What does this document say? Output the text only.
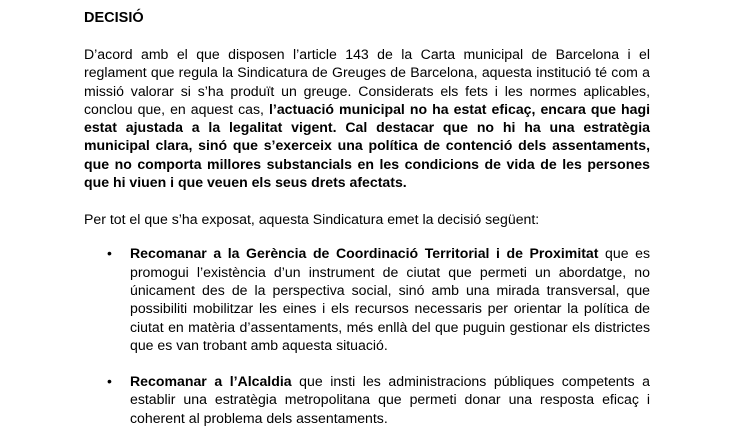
DECISIÓ

D’acord amb el que disposen l’article 143 de la Carta municipal de Barcelona i el reglament que regula la Sindicatura de Greuges de Barcelona, aquesta institució té com a missió valorar si s’ha produït un greuge. Considerats els fets i les normes aplicables, conclou que, en aquest cas, l’actuació municipal no ha estat eficaç, encara que hagi estat ajustada a la legalitat vigent. Cal destacar que no hi ha una estratègia municipal clara, sinó que s’exerceix una política de contenció dels assentaments, que no comporta millores substancials en les condicions de vida de les persones que hi viuen i que veuen els seus drets afectats.

Per tot el que s’ha exposat, aquesta Sindicatura emet la decisió següent:

• Recomanar a la Gerència de Coordinació Territorial i de Proximitat que es promogui l’existència d’un instrument de ciutat que permeti un abordatge, no únicament des de la perspectiva social, sinó amb una mirada transversal, que possibiliti mobilitzar les eines i els recursos necessaris per orientar la política de ciutat en matèria d’assentaments, més enllà del que puguin gestionar els districtes que es van trobant amb aquesta situació.
• Recomanar a l’Alcaldia que insti les administracions públiques competents a establir una estratègia metropolitana que permeti donar una resposta eficaç i coherent al problema dels assentaments.
